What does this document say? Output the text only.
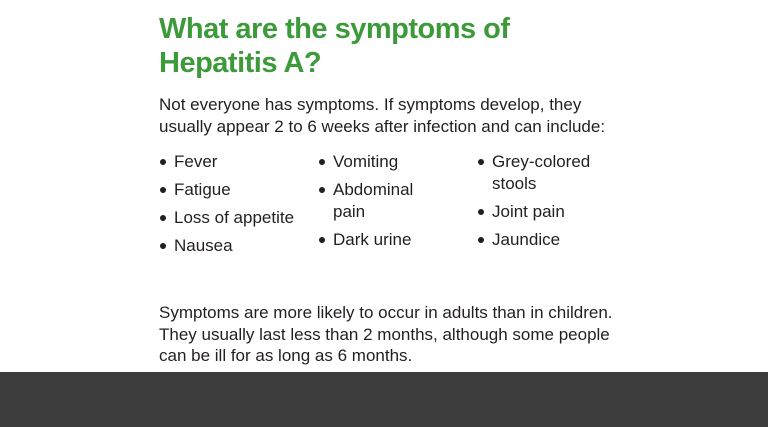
What are the symptoms of Hepatitis A?

Not everyone has symptoms. If symptoms develop, they usually appear 2 to 6 weeks after infection and can include:

Fever
Fatigue
Loss of appetite
Nausea
Vomiting
Abdominal pain
Dark urine
Grey-colored stools
Joint pain
Jaundice

Symptoms are more likely to occur in adults than in children. They usually last less than 2 months, although some people can be ill for as long as 6 months.
